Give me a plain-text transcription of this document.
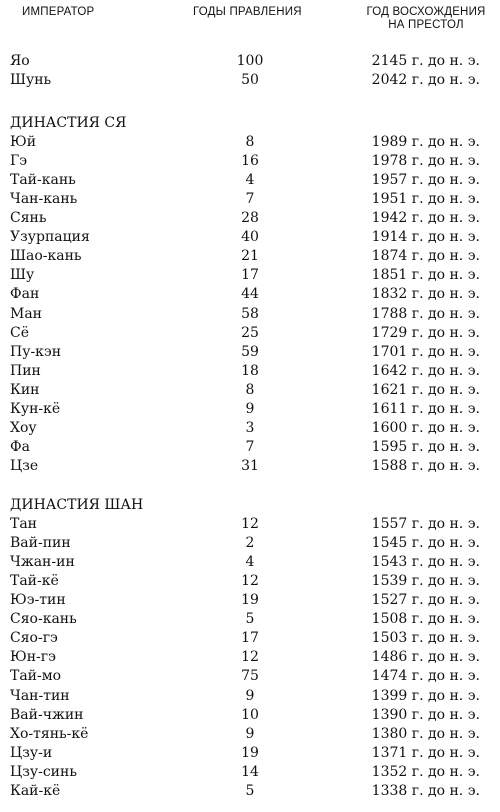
ИМПЕРАТОР	ГОДЫ ПРАВЛЕНИЯ	ГОД ВОСХОЖДЕНИЯ
НА ПРЕСТОЛ
Яо	100	2145 г. до н. э.
Шунь	50	2042 г. до н. э.
ДИНАСТИЯ СЯ
Юй	8	1989 г. до н. э.
Гэ	16	1978 г. до н. э.
Тай-кань	4	1957 г. до н. э.
Чан-кань	7	1951 г. до н. э.
Сянь	28	1942 г. до н. э.
Узурпация	40	1914 г. до н. э.
Шао-кань	21	1874 г. до н. э.
Шу	17	1851 г. до н. э.
Фан	44	1832 г. до н. э.
Ман	58	1788 г. до н. э.
Сё	25	1729 г. до н. э.
Пу-кэн	59	1701 г. до н. э.
Пин	18	1642 г. до н. э.
Кин	8	1621 г. до н. э.
Кун-кё	9	1611 г. до н. э.
Хоу	3	1600 г. до н. э.
Фа	7	1595 г. до н. э.
Цзе	31	1588 г. до н. э.
ДИНАСТИЯ ШАН
Тан	12	1557 г. до н. э.
Вай-пин	2	1545 г. до н. э.
Чжан-ин	4	1543 г. до н. э.
Тай-кё	12	1539 г. до н. э.
Юэ-тин	19	1527 г. до н. э.
Сяо-кань	5	1508 г. до н. э.
Сяо-гэ	17	1503 г. до н. э.
Юн-гэ	12	1486 г. до н. э.
Тай-мо	75	1474 г. до н. э.
Чан-тин	9	1399 г. до н. э.
Вай-чжин	10	1390 г. до н. э.
Хо-тянь-кё	9	1380 г. до н. э.
Цзу-и	19	1371 г. до н. э.
Цзу-синь	14	1352 г. до н. э.
Кай-кё	5	1338 г. до н. э.
